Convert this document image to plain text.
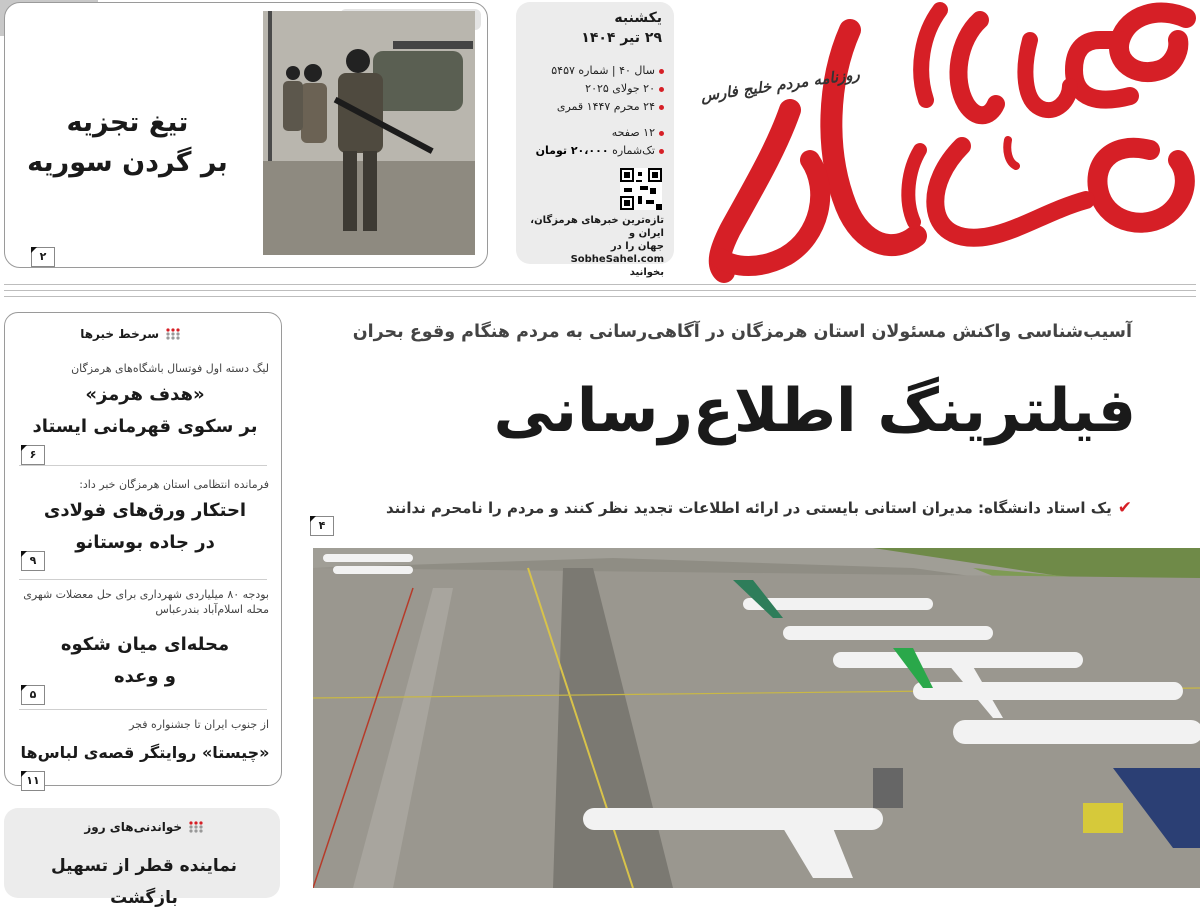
تیغ تجزیه
بر گردن سوریه
۲
یکشنبه
۲۹ تیر ۱۴۰۴
سال ۴۰ | شماره ۵۴۵۷
۲۰ جولای ۲۰۲۵
۲۴ محرم ۱۴۴۷ قمری
۱۲ صفحه
تک‌شماره ۲۰،۰۰۰ تومان
تازه‌ترین خبرهای هرمزگان، ایران و
جهان را در SobheSahel.com
بخوانید
روزنامه مردم خلیج فارس
سرخط خبرها
لیگ دسته اول فوتسال باشگاه‌های هرمزگان
«هدف هرمز»
بر سکوی قهرمانی ایستاد
۶
فرمانده انتظامی استان هرمزگان خبر داد:
احتکار ورق‌های فولادی
در جاده بوستانو
۹
بودجه ۸۰ میلیاردی شهرداری برای حل معضلات شهری محله اسلام‌آباد بندرعباس
محله‌ای میان شکوه
و وعده
۵
از جنوب ایران تا جشنواره فجر
«چیستا» روایتگر قصه‌ی لباس‌ها
۱۱
خواندنی‌های روز
نماینده قطر از تسهیل بازگشت
آسیب‌شناسی واکنش مسئولان استان هرمزگان در آگاهی‌رسانی به مردم هنگام وقوع بحران
فیلترینگ اطلاع‌رسانی
✔یک استاد دانشگاه: مدیران استانی بایستی در ارائه اطلاعات تجدید نظر کنند و مردم را نامحرم ندانند
۴
